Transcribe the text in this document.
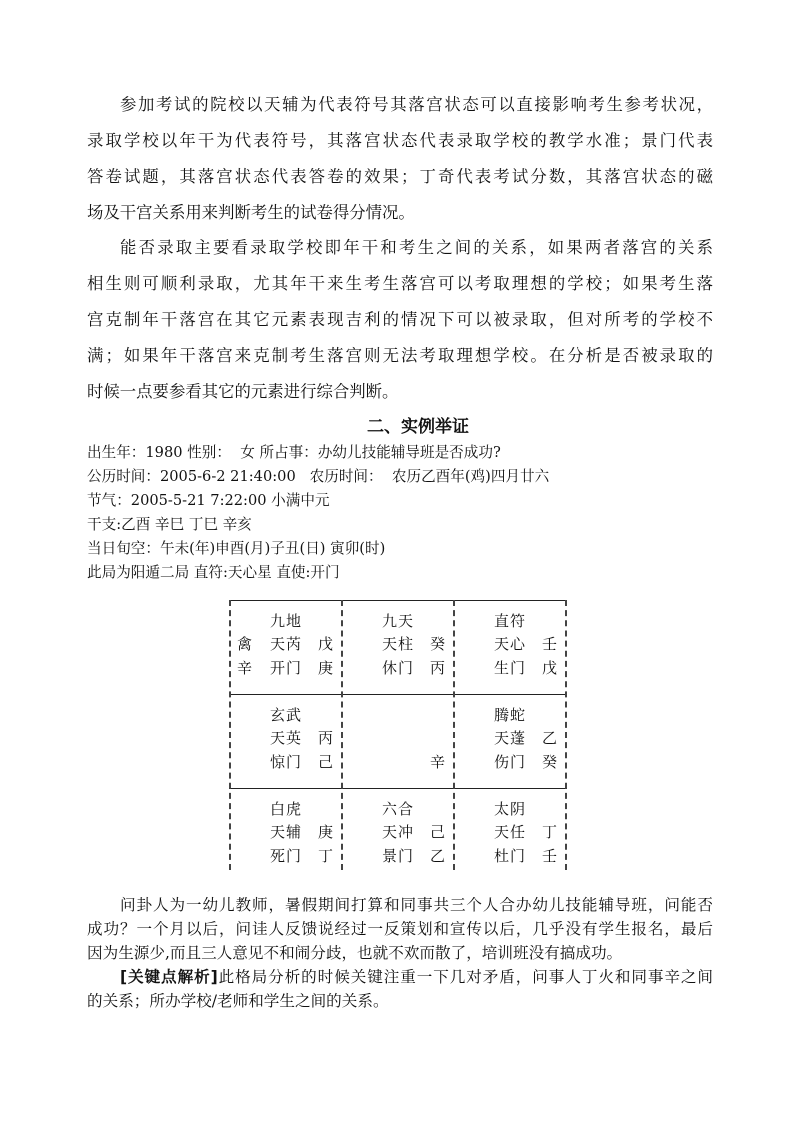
参加考试的院校以天辅为代表符号其落宫状态可以直接影响考生参考状况，
录取学校以年干为代表符号，其落宫状态代表录取学校的教学水准；景门代表
答卷试题，其落宫状态代表答卷的效果；丁奇代表考试分数，其落宫状态的磁
场及干宫关系用来判断考生的试卷得分情况。
能否录取主要看录取学校即年干和考生之间的关系，如果两者落宫的关系
相生则可顺利录取，尤其年干来生考生落宫可以考取理想的学校；如果考生落
宫克制年干落宫在其它元素表现吉利的情况下可以被录取，但对所考的学校不
满；如果年干落宫来克制考生落宫则无法考取理想学校。在分析是否被录取的
时候一点要参看其它的元素进行综合判断。
二、实例举证
出生年：1980 性别：  女 所占事：办幼儿技能辅导班是否成功?
公历时间：2005-6-2 21:40:00   农历时间：  农历乙酉年(鸡)四月廿六
节气：2005-5-21 7:22:00 小满中元
干支:乙酉 辛巳 丁巳 辛亥
当日旬空：午未(年)申酉(月)子丑(日) 寅卯(时)
此局为阳遁二局 直符:天心星 直使:开门
九地
禽 天芮 戊
辛 开门 庚
九天
天柱 癸
休门 丙
直符
天心 壬
生门 戊
玄武
天英 丙
惊门 己	辛
腾蛇
天蓬 乙
伤门 癸
白虎
天辅 庚
死门 丁
六合
天冲 己
景门 乙
太阴
天任 丁
杜门 壬
问卦人为一幼儿教师，暑假期间打算和同事共三个人合办幼儿技能辅导班，问能否
成功？一个月以后，问诖人反馈说经过一反策划和宣传以后，几乎没有学生报名，最后
因为生源少,而且三人意见不和闹分歧，也就不欢而散了，培训班没有搞成功。
[关键点解析]此格局分析的时候关键注重一下几对矛盾，问事人丁火和同事辛之间
的关系；所办学校/老师和学生之间的关系。
